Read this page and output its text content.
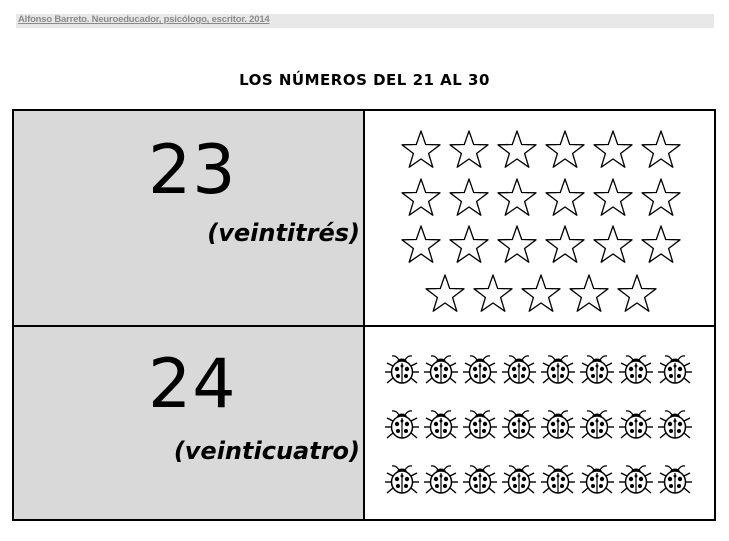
Alfonso Barreto. Neuroeducador, psicólogo, escritor. 2014
LOS NÚMEROS DEL 21 AL 30
23
(veintitrés)
24
(veinticuatro)
